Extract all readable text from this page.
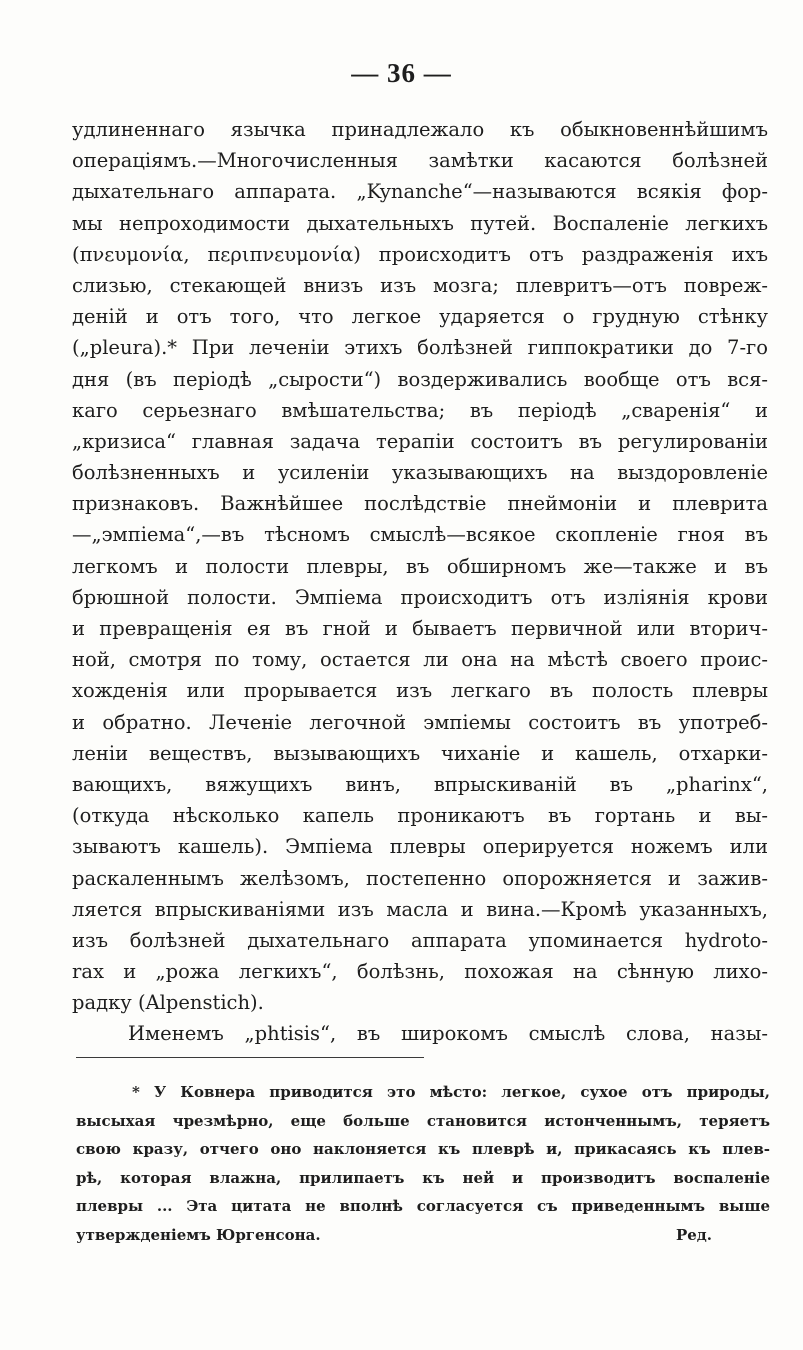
— 36 —
удлиненнаго язычка принадлежало къ обыкновеннѣйшимъ
операціямъ.—Многочисленныя замѣтки касаются болѣзней
дыхательнаго аппарата. „Kynanche“—называются всякія фор-
мы непроходимости дыхательныхъ путей. Воспаленіе легкихъ
(πνευμονία, περιπνευμονία) происходитъ отъ раздраженія ихъ
слизью, стекающей внизъ изъ мозга; плевритъ—отъ повреж-
деній и отъ того, что легкое ударяется о грудную стѣнку
(„pleura).* При леченіи этихъ болѣзней гиппократики до 7-го
дня (въ періодѣ „сырости“) воздерживались вообще отъ вся-
каго серьезнаго вмѣшательства; въ періодѣ „сваренія“ и
„кризиса“ главная задача терапіи состоитъ въ регулированіи
болѣзненныхъ и усиленіи указывающихъ на выздоровленіе
признаковъ. Важнѣйшее послѣдствіе пнеймоніи и плеврита
—„эмпіема“,—въ тѣсномъ смыслѣ—всякое скопленіе гноя въ
легкомъ и полости плевры, въ обширномъ же—также и въ
брюшной полости. Эмпіема происходитъ отъ изліянія крови
и превращенія ея въ гной и бываетъ первичной или вторич-
ной, смотря по тому, остается ли она на мѣстѣ своего проис-
хожденія или прорывается изъ легкаго въ полость плевры
и обратно. Леченіе легочной эмпіемы состоитъ въ употреб-
леніи веществъ, вызывающихъ чиханіе и кашель, отхарки-
вающихъ, вяжущихъ винъ, впрыскиваній въ „pharinx“,
(откуда нѣсколько капель проникаютъ въ гортань и вы-
зываютъ кашель). Эмпіема плевры оперируется ножемъ или
раскаленнымъ желѣзомъ, постепенно опорожняется и зажив-
ляется впрыскиваніями изъ масла и вина.—Кромѣ указанныхъ,
изъ болѣзней дыхательнаго аппарата упоминается hydroto-
rax и „рожа легкихъ“, болѣзнь, похожая на сѣнную лихо-
радку (Alpenstich).
Именемъ „phtisis“, въ широкомъ смыслѣ слова, назы-
* У Ковнера приводится это мѣсто: легкое, сухое отъ природы,
высыхая чрезмѣрно, еще больше становится истонченнымъ, теряетъ
свою кразу, отчего оно наклоняется къ плеврѣ и, прикасаясь къ плев-
рѣ, которая влажна, прилипаетъ къ ней и производитъ воспаленіе
плевры ... Эта цитата не вполнѣ согласуется съ приведеннымъ выше
утвержденіемъ Юргенсона.	Ред.
